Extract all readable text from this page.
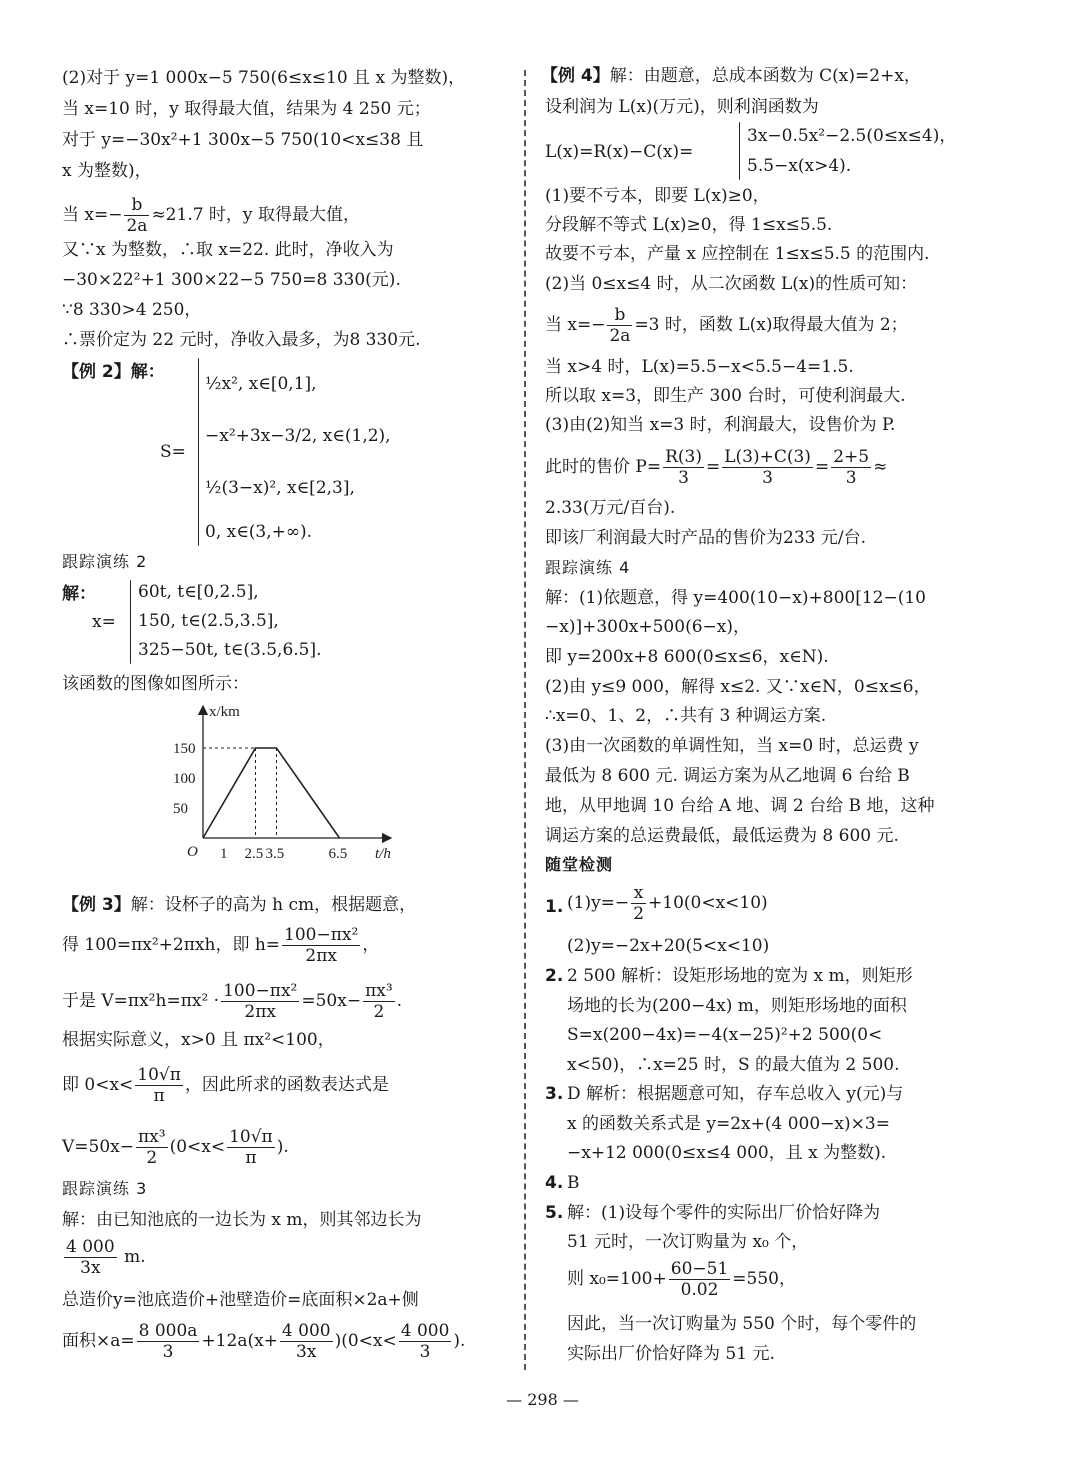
(2)对于 y=1 000x−5 750(6≤x≤10 且 x 为整数)，
当 x=10 时，y 取得最大值，结果为 4 250 元；
对于 y=−30x²+1 300x−5 750(10<x≤38 且
x 为整数)，
当 $x=- \frac{b}{2a} \approx 21.7$ 时，y 取得最大值，
又∵x 为整数，∴取 x=22. 此时，净收入为
−30×22²+1 300×22−5 750=8 330(元).
∵8 330>4 250，
∴票价定为 22 元时，净收入最多，为8 330元.
【例 2】解：
S=
½x², x∈[0,1],
−x²+3x−3/2, x∈(1,2),
½(3−x)², x∈[2,3],
0, x∈(3,+∞).
跟踪演练 2
解：
x=
60t, t∈[0,2.5],
150, t∈(2.5,3.5],
325−50t, t∈(3.5,6.5].
该函数的图像如图所示：
150
100
50
1 2.5 3.5	6.5
x/km
t/h
O
【例 3】解：设杯子的高为 h cm，根据题意，
得 100=πx²+2πxh，即 $h= \frac{\text{100−πx²}}{2\pi x}$ ，
于是 $V=\pi x^2h=\pi x^2 \cdot \frac{\text{100−πx²}}{2\pi x} =50x- \frac{\text{πx³}}{2}$ .
根据实际意义，x>0 且 πx²<100，
即 $0<x< \frac{10√\pi}{\pi}$ ，因此所求的函数表达式是
$V=50x- \frac{\text{πx³}}{2} (0<x< \frac{10√\pi}{\pi}$ ).
跟踪演练 3
解：由已知池底的一边长为 x m，则其邻边长为
$\frac{4 000}{3x} m$.
总造价y=池底造价+池壁造价=底面积×2a+侧
面积$\times a= \frac{8 000a}{3} +12a(x+ \frac{4 000}{3x} )(0<x< \frac{4 000}{3}$ ).
【例 4】解：由题意，总成本函数为 C(x)=2+x，
设利润为 L(x)(万元)，则利润函数为
L(x)=R(x)−C(x)=
3x−0.5x²−2.5(0≤x≤4)，
5.5−x(x>4).
(1)要不亏本，即要 L(x)≥0，
分段解不等式 L(x)≥0，得 1≤x≤5.5.
故要不亏本，产量 x 应控制在 1≤x≤5.5 的范围内.
(2)当 0≤x≤4 时，从二次函数 L(x)的性质可知：
当 $x=- \frac{b}{2a} =3$ 时，函数 L(x)取得最大值为 2；
当 x>4 时，L(x)=5.5−x<5.5−4=1.5.
所以取 x=3，即生产 300 台时，可使利润最大.
(3)由(2)知当 x=3 时，利润最大，设售价为 P.
此时的售价 $P= \frac{R(3)}{3} = \frac{L(3)+C(3)}{3} = \frac{2+5}{3}$ ≈
2.33(万元/百台).
即该厂利润最大时产品的售价为233 元/台.
跟踪演练 4
解：(1)依题意，得 y=400(10−x)+800[12−(10
−x)]+300x+500(6−x)，
即 y=200x+8 600(0≤x≤6，x∈N).
(2)由 y≤9 000，解得 x≤2. 又∵x∈N，0≤x≤6，
∴x=0、1、2，∴共有 3 种调运方案.
(3)由一次函数的单调性知，当 x=0 时，总运费 y
最低为 8 600 元. 调运方案为从乙地调 6 台给 B
地，从甲地调 10 台给 A 地、调 2 台给 B 地，这种
调运方案的总运费最低，最低运费为 8 600 元.
随堂检测
1. $(1)y=- \frac{x}{2} +10(0<x<10)$
(2)y=−2x+20(5<x<10)
2. 2 500 解析：设矩形场地的宽为 x m，则矩形
场地的长为(200−4x) m，则矩形场地的面积
S=x(200−4x)=−4(x−25)²+2 500(0<
x<50)，∴x=25 时，S 的最大值为 2 500.
3. D 解析：根据题意可知，存车总收入 y(元)与
x 的函数关系式是 y=2x+(4 000−x)×3=
−x+12 000(0≤x≤4 000，且 x 为整数).
4. B
5. 解：(1)设每个零件的实际出厂价恰好降为
51 元时，一次订购量为 x₀ 个，
则 $x_0=100+ \frac{60-51}{0.02} =550$，
因此，当一次订购量为 550 个时，每个零件的
实际出厂价恰好降为 51 元.
— 298 —
